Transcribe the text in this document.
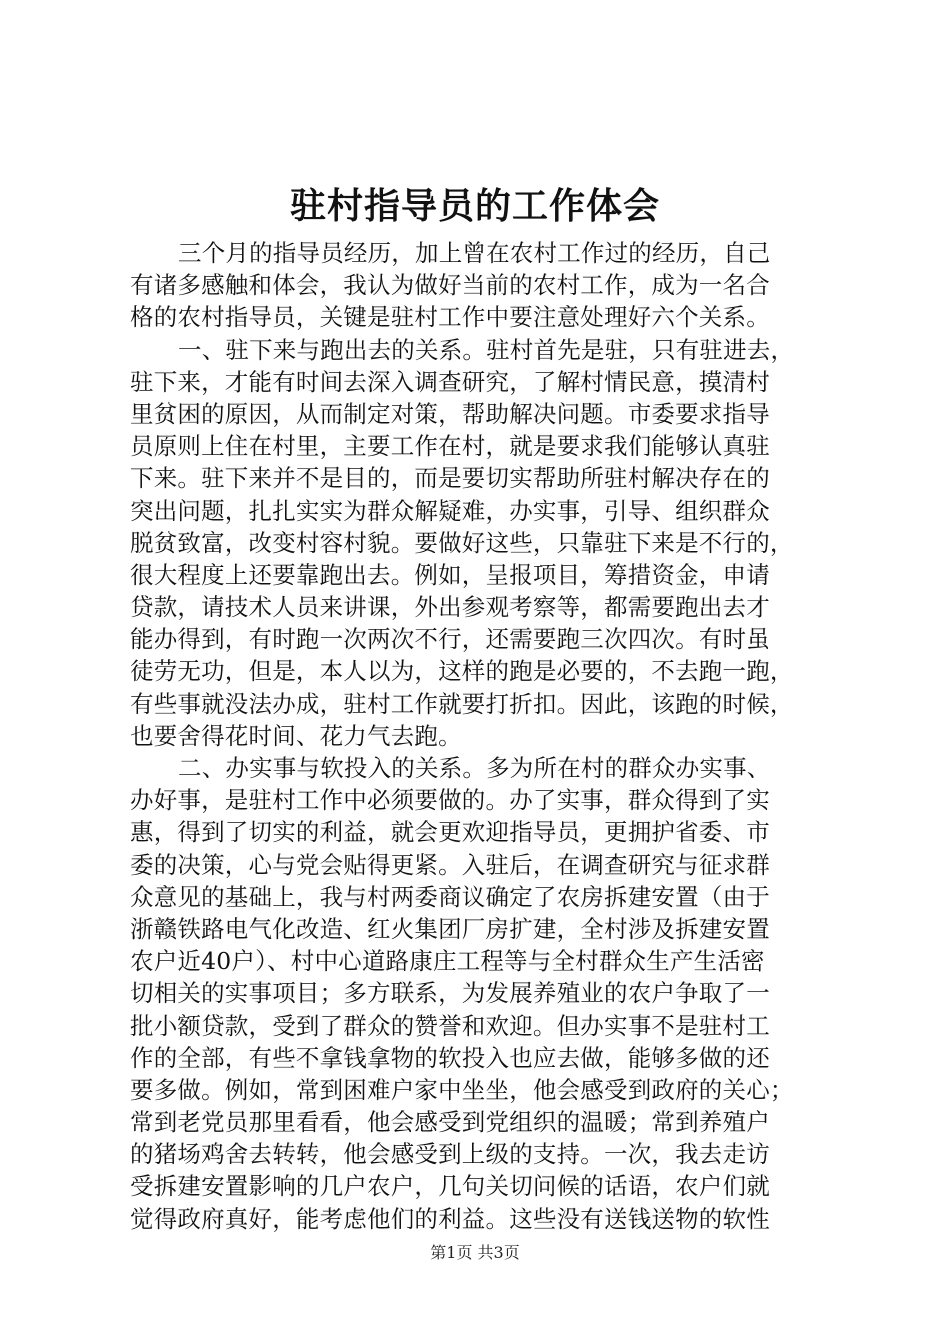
驻村指导员的工作体会
三个月的指导员经历，加上曾在农村工作过的经历，自己
有诸多感触和体会，我认为做好当前的农村工作，成为一名合
格的农村指导员，关键是驻村工作中要注意处理好六个关系。
一、驻下来与跑出去的关系。驻村首先是驻，只有驻进去，
驻下来，才能有时间去深入调查研究，了解村情民意，摸清村
里贫困的原因，从而制定对策，帮助解决问题。市委要求指导
员原则上住在村里，主要工作在村，就是要求我们能够认真驻
下来。驻下来并不是目的，而是要切实帮助所驻村解决存在的
突出问题，扎扎实实为群众解疑难，办实事，引导、组织群众
脱贫致富，改变村容村貌。要做好这些，只靠驻下来是不行的，
很大程度上还要靠跑出去。例如，呈报项目，筹措资金，申请
贷款，请技术人员来讲课，外出参观考察等，都需要跑出去才
能办得到，有时跑一次两次不行，还需要跑三次四次。有时虽
徒劳无功，但是，本人以为，这样的跑是必要的，不去跑一跑，
有些事就没法办成，驻村工作就要打折扣。因此，该跑的时候，
也要舍得花时间、花力气去跑。
二、办实事与软投入的关系。多为所在村的群众办实事、
办好事，是驻村工作中必须要做的。办了实事，群众得到了实
惠，得到了切实的利益，就会更欢迎指导员，更拥护省委、市
委的决策，心与党会贴得更紧。入驻后，在调查研究与征求群
众意见的基础上，我与村两委商议确定了农房拆建安置（由于
浙赣铁路电气化改造、红火集团厂房扩建，全村涉及拆建安置
农户近40户）、村中心道路康庄工程等与全村群众生产生活密
切相关的实事项目；多方联系，为发展养殖业的农户争取了一
批小额贷款，受到了群众的赞誉和欢迎。但办实事不是驻村工
作的全部，有些不拿钱拿物的软投入也应去做，能够多做的还
要多做。例如，常到困难户家中坐坐，他会感受到政府的关心；
常到老党员那里看看，他会感受到党组织的温暖；常到养殖户
的猪场鸡舍去转转，他会感受到上级的支持。一次，我去走访
受拆建安置影响的几户农户，几句关切问候的话语，农户们就
觉得政府真好，能考虑他们的利益。这些没有送钱送物的软性
第1页 共3页
